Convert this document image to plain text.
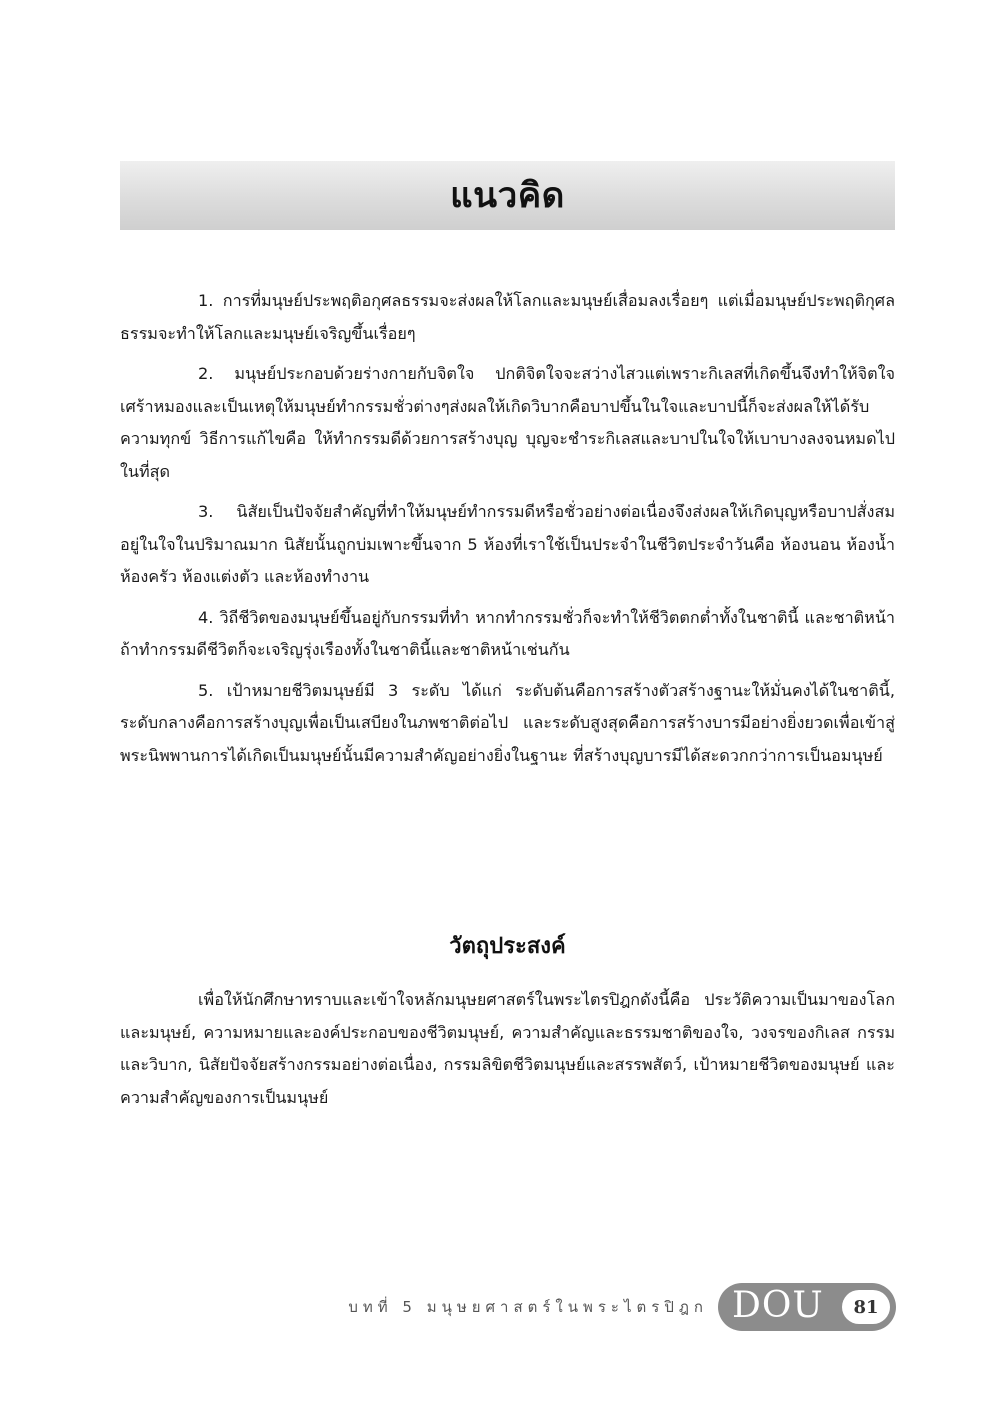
แนวคิด

1. การที่มนุษย์ประพฤติอกุศลธรรมจะส่งผลให้โลกและมนุษย์เสื่อมลงเรื่อยๆ แต่เมื่อมนุษย์ประพฤติกุศลธรรมจะทำให้โลกและมนุษย์เจริญขึ้นเรื่อยๆ

2. มนุษย์ประกอบด้วยร่างกายกับจิตใจ ปกติจิตใจจะสว่างไสวแต่เพราะกิเลสที่เกิดขึ้นจึงทำให้จิตใจเศร้าหมองและเป็นเหตุให้มนุษย์ทำกรรมชั่วต่างๆส่งผลให้เกิดวิบากคือบาปขึ้นในใจและบาปนี้ก็จะส่งผลให้ได้รับความทุกข์ วิธีการแก้ไขคือ ให้ทำกรรมดีด้วยการสร้างบุญ บุญจะชำระกิเลสและบาปในใจให้เบาบางลงจนหมดไปในที่สุด

3. นิสัยเป็นปัจจัยสำคัญที่ทำให้มนุษย์ทำกรรมดีหรือชั่วอย่างต่อเนื่องจึงส่งผลให้เกิดบุญหรือบาปสั่งสมอยู่ในใจในปริมาณมาก นิสัยนั้นถูกบ่มเพาะขึ้นจาก 5 ห้องที่เราใช้เป็นประจำในชีวิตประจำวันคือ ห้องนอน ห้องน้ำ ห้องครัว ห้องแต่งตัว และห้องทำงาน

4. วิถีชีวิตของมนุษย์ขึ้นอยู่กับกรรมที่ทำ หากทำกรรมชั่วก็จะทำให้ชีวิตตกต่ำทั้งในชาตินี้ และชาติหน้า ถ้าทำกรรมดีชีวิตก็จะเจริญรุ่งเรืองทั้งในชาตินี้และชาติหน้าเช่นกัน

5. เป้าหมายชีวิตมนุษย์มี 3 ระดับ ได้แก่ ระดับต้นคือการสร้างตัวสร้างฐานะให้มั่นคงได้ในชาตินี้, ระดับกลางคือการสร้างบุญเพื่อเป็นเสบียงในภพชาติต่อไป และระดับสูงสุดคือการสร้างบารมีอย่างยิ่งยวดเพื่อเข้าสู่พระนิพพานการได้เกิดเป็นมนุษย์นั้นมีความสำคัญอย่างยิ่งในฐานะ ที่สร้างบุญบารมีได้สะดวกกว่าการเป็นอมนุษย์

วัตถุประสงค์

เพื่อให้นักศึกษาทราบและเข้าใจหลักมนุษยศาสตร์ในพระไตรปิฎกดังนี้คือ ประวัติความเป็นมาของโลกและมนุษย์, ความหมายและองค์ประกอบของชีวิตมนุษย์, ความสำคัญและธรรมชาติของใจ, วงจรของกิเลส กรรมและวิบาก, นิสัยปัจจัยสร้างกรรมอย่างต่อเนื่อง, กรรมลิขิตชีวิตมนุษย์และสรรพสัตว์, เป้าหมายชีวิตของมนุษย์ และความสำคัญของการเป็นมนุษย์

บทที่ 5 มนุษยศาสตร์ในพระไตรปิฎก DOU 81
